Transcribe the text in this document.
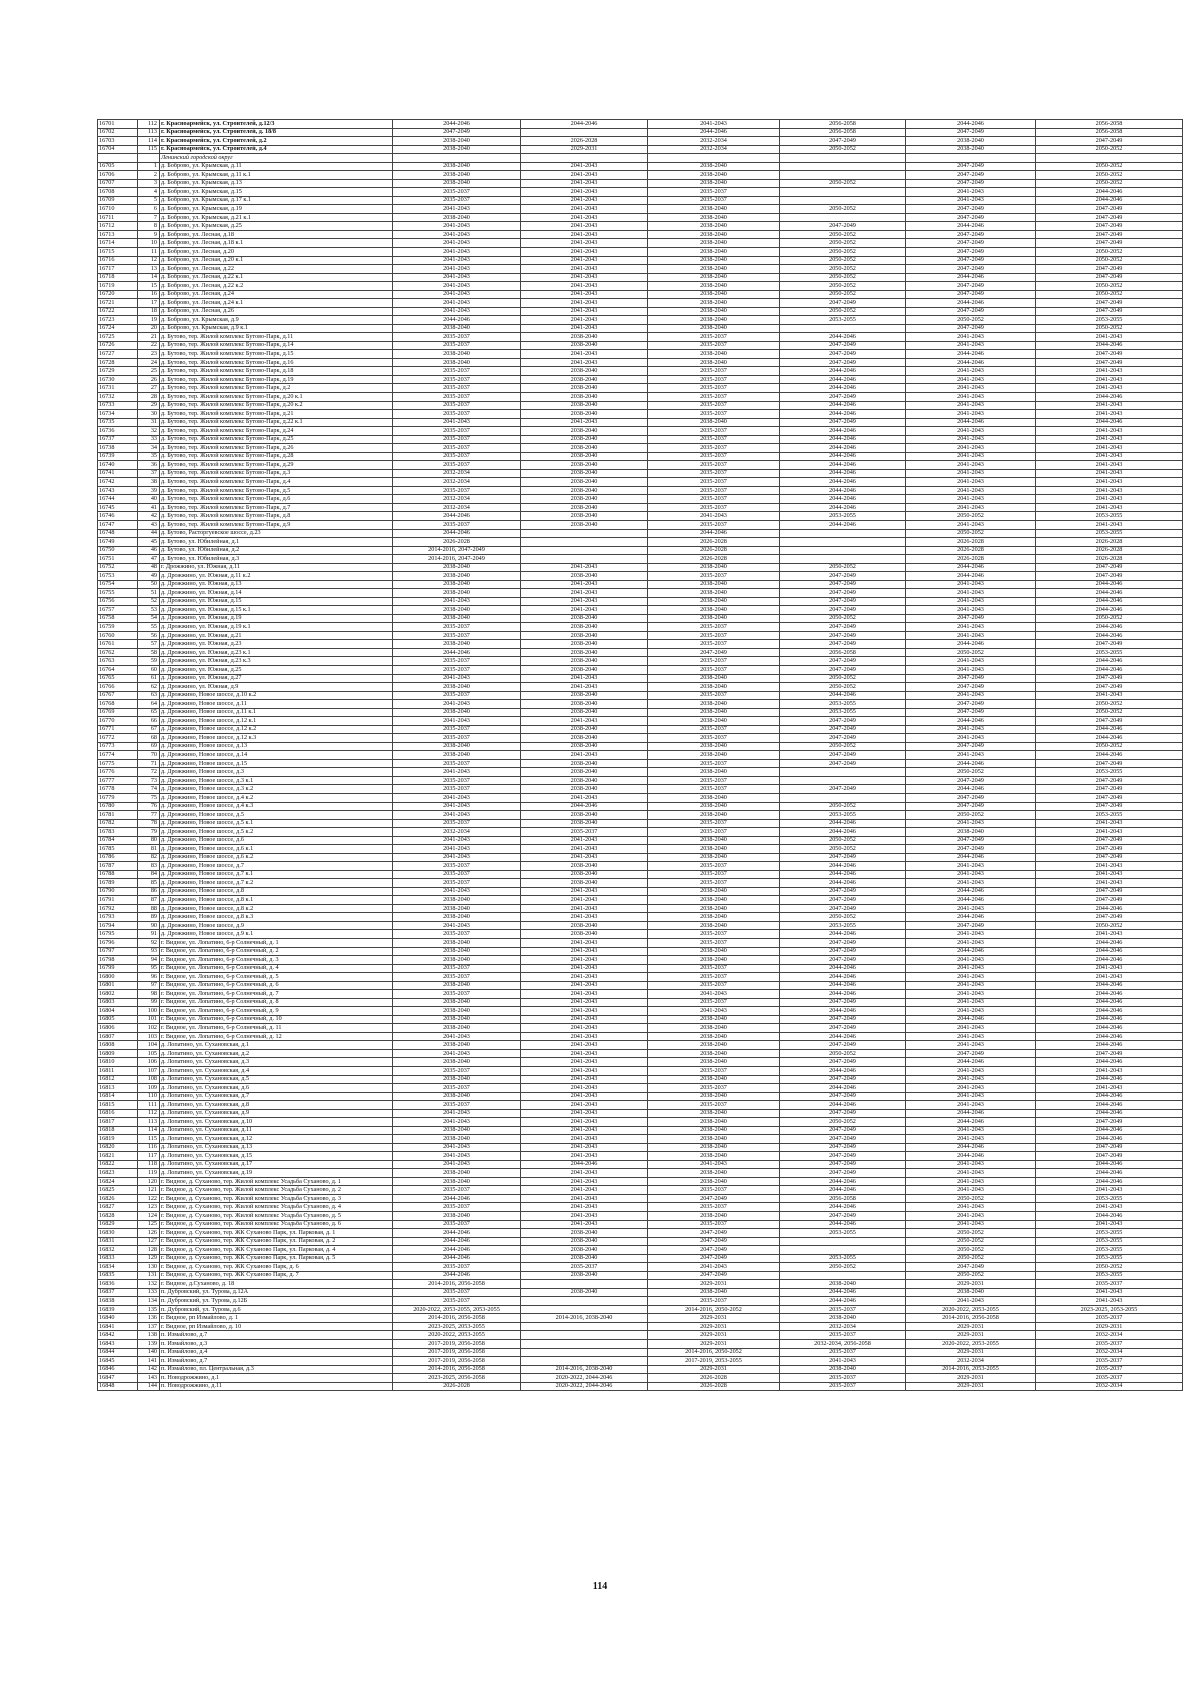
16701	112	г. Красноармейск, ул. Строителей, д.12/3	2044-2046	2044-2046	2041-2043	2056-2058	2044-2046	2056-2058
16702	113	г. Красноармейск, ул. Строителей, д. 18/8	2047-2049		2044-2046	2056-2058	2047-2049	2056-2058
16703	114	г. Красноармейск, ул. Строителей, д.2	2038-2040	2026-2028	2032-2034	2047-2049	2038-2040	2047-2049
16704	115	г. Красноармейск, ул. Строителей, д.4	2038-2040	2029-2031	2032-2034	2050-2052	2038-2040	2050-2052
		Ленинский городской округ						
16705	1	д. Боброво, ул. Крымская, д.11	2038-2040	2041-2043	2038-2040		2047-2049	2050-2052
16706	2	д. Боброво, ул. Крымская, д.11 к.1	2038-2040	2041-2043	2038-2040		2047-2049	2050-2052
16707	3	д. Боброво, ул. Крымская, д.13	2038-2040	2041-2043	2038-2040	2050-2052	2047-2049	2050-2052
16708	4	д. Боброво, ул. Крымская, д.15	2035-2037	2041-2043	2035-2037		2041-2043	2044-2046
16709	5	д. Боброво, ул. Крымская, д.17 к.1	2035-2037	2041-2043	2035-2037		2041-2043	2044-2046
16710	6	д. Боброво, ул. Крымская, д.19	2041-2043	2041-2043	2038-2040	2050-2052	2047-2049	2047-2049
16711	7	д. Боброво, ул. Крымская, д.21 к.1	2038-2040	2041-2043	2038-2040		2047-2049	2047-2049
16712	8	д. Боброво, ул. Крымская, д.25	2041-2043	2041-2043	2038-2040	2047-2049	2044-2046	2047-2049
16713	9	д. Боброво, ул. Лесная, д.18	2041-2043	2041-2043	2038-2040	2050-2052	2047-2049	2047-2049
16714	10	д. Боброво, ул. Лесная, д.18 к.1	2041-2043	2041-2043	2038-2040	2050-2052	2047-2049	2047-2049
16715	11	д. Боброво, ул. Лесная, д.20	2041-2043	2041-2043	2038-2040	2050-2052	2047-2049	2050-2052
16716	12	д. Боброво, ул. Лесная, д.20 к.1	2041-2043	2041-2043	2038-2040	2050-2052	2047-2049	2050-2052
16717	13	д. Боброво, ул. Лесная, д.22	2041-2043	2041-2043	2038-2040	2050-2052	2047-2049	2047-2049
16718	14	д. Боброво, ул. Лесная, д.22 к.1	2041-2043	2041-2043	2038-2040	2050-2052	2044-2046	2047-2049
16719	15	д. Боброво, ул. Лесная, д.22 к.2	2041-2043	2041-2043	2038-2040	2050-2052	2047-2049	2050-2052
16720	16	д. Боброво, ул. Лесная, д.24	2041-2043	2041-2043	2038-2040	2050-2052	2047-2049	2050-2052
16721	17	д. Боброво, ул. Лесная, д.24 к.1	2041-2043	2041-2043	2038-2040	2047-2049	2044-2046	2047-2049
16722	18	д. Боброво, ул. Лесная, д.26	2041-2043	2041-2043	2038-2040	2050-2052	2047-2049	2047-2049
16723	19	д. Боброво, ул. Крымская, д.9	2044-2046	2041-2043	2038-2040	2053-2055	2050-2052	2053-2055
16724	20	д. Боброво, ул. Крымская, д.9 к.1	2038-2040	2041-2043	2038-2040		2047-2049	2050-2052
16725	21	д. Бутово, тер. Жилой комплекс Бутово-Парк, д.11	2035-2037	2038-2040	2035-2037	2044-2046	2041-2043	2041-2043
16726	22	д. Бутово, тер. Жилой комплекс Бутово-Парк, д.14	2035-2037	2038-2040	2035-2037	2047-2049	2041-2043	2044-2046
16727	23	д. Бутово, тер. Жилой комплекс Бутово-Парк, д.15	2038-2040	2041-2043	2038-2040	2047-2049	2044-2046	2047-2049
16728	24	д. Бутово, тер. Жилой комплекс Бутово-Парк, д.16	2038-2040	2041-2043	2038-2040	2047-2049	2044-2046	2047-2049
16729	25	д. Бутово, тер. Жилой комплекс Бутово-Парк, д.18	2035-2037	2038-2040	2035-2037	2044-2046	2041-2043	2041-2043
16730	26	д. Бутово, тер. Жилой комплекс Бутово-Парк, д.19	2035-2037	2038-2040	2035-2037	2044-2046	2041-2043	2041-2043
16731	27	д. Бутово, тер. Жилой комплекс Бутово-Парк, д.2	2035-2037	2038-2040	2035-2037	2044-2046	2041-2043	2041-2043
16732	28	д. Бутово, тер. Жилой комплекс Бутово-Парк, д.20 к.1	2035-2037	2038-2040	2035-2037	2047-2049	2041-2043	2044-2046
16733	29	д. Бутово, тер. Жилой комплекс Бутово-Парк, д.20 к.2	2035-2037	2038-2040	2035-2037	2044-2046	2041-2043	2041-2043
16734	30	д. Бутово, тер. Жилой комплекс Бутово-Парк, д.21	2035-2037	2038-2040	2035-2037	2044-2046	2041-2043	2041-2043
16735	31	д. Бутово, тер. Жилой комплекс Бутово-Парк, д.22 к.1	2041-2043	2041-2043	2038-2040	2047-2049	2044-2046	2044-2046
16736	32	д. Бутово, тер. Жилой комплекс Бутово-Парк, д.24	2035-2037	2038-2040	2035-2037	2044-2046	2041-2043	2041-2043
16737	33	д. Бутово, тер. Жилой комплекс Бутово-Парк, д.25	2035-2037	2038-2040	2035-2037	2044-2046	2041-2043	2041-2043
16738	34	д. Бутово, тер. Жилой комплекс Бутово-Парк, д.26	2035-2037	2038-2040	2035-2037	2044-2046	2041-2043	2041-2043
16739	35	д. Бутово, тер. Жилой комплекс Бутово-Парк, д.28	2035-2037	2038-2040	2035-2037	2044-2046	2041-2043	2041-2043
16740	36	д. Бутово, тер. Жилой комплекс Бутово-Парк, д.29	2035-2037	2038-2040	2035-2037	2044-2046	2041-2043	2041-2043
16741	37	д. Бутово, тер. Жилой комплекс Бутово-Парк, д.3	2032-2034	2038-2040	2035-2037	2044-2046	2041-2043	2041-2043
16742	38	д. Бутово, тер. Жилой комплекс Бутово-Парк, д.4	2032-2034	2038-2040	2035-2037	2044-2046	2041-2043	2041-2043
16743	39	д. Бутово, тер. Жилой комплекс Бутово-Парк, д.5	2035-2037	2038-2040	2035-2037	2044-2046	2041-2043	2041-2043
16744	40	д. Бутово, тер. Жилой комплекс Бутово-Парк, д.6	2032-2034	2038-2040	2035-2037	2044-2046	2041-2043	2041-2043
16745	41	д. Бутово, тер. Жилой комплекс Бутово-Парк, д.7	2032-2034	2038-2040	2035-2037	2044-2046	2041-2043	2041-2043
16746	42	д. Бутово, тер. Жилой комплекс Бутово-Парк, д.8	2044-2046	2038-2040	2041-2043	2053-2055	2050-2052	2053-2055
16747	43	д. Бутово, тер. Жилой комплекс Бутово-Парк, д.9	2035-2037	2038-2040	2035-2037	2044-2046	2041-2043	2041-2043
16748	44	д. Бутово, Расторгуевское шоссе, д.23	2044-2046		2044-2046		2050-2052	2053-2055
16749	45	д. Бутово, ул. Юбилейная, д.1	2026-2028		2026-2028		2026-2028	2026-2028
16750	46	д. Бутово, ул. Юбилейная, д.2	2014-2016, 2047-2049		2026-2028		2026-2028	2026-2028
16751	47	д. Бутово, ул. Юбилейная, д.3	2014-2016, 2047-2049		2026-2028		2026-2028	2026-2028
16752	48	г. Дрожжино, ул. Южная, д.11	2038-2040	2041-2043	2038-2040	2050-2052	2044-2046	2047-2049
16753	49	д. Дрожжино, ул. Южная, д.11 к.2	2038-2040	2038-2040	2035-2037	2047-2049	2044-2046	2047-2049
16754	50	д. Дрожжино, ул. Южная, д.13	2038-2040	2041-2043	2038-2040	2047-2049	2041-2043	2044-2046
16755	51	д. Дрожжино, ул. Южная, д.14	2038-2040	2041-2043	2038-2040	2047-2049	2041-2043	2044-2046
16756	52	д. Дрожжино, ул. Южная, д.15	2041-2043	2041-2043	2038-2040	2047-2049	2041-2043	2044-2046
16757	53	д. Дрожжино, ул. Южная, д.15 к.1	2038-2040	2041-2043	2038-2040	2047-2049	2041-2043	2044-2046
16758	54	д. Дрожжино, ул. Южная, д.19	2038-2040	2038-2040	2038-2040	2050-2052	2047-2049	2050-2052
16759	55	д. Дрожжино, ул. Южная, д.19 к.1	2035-2037	2038-2040	2035-2037	2047-2049	2041-2043	2044-2046
16760	56	д. Дрожжино, ул. Южная, д.21	2035-2037	2038-2040	2035-2037	2047-2049	2041-2043	2044-2046
16761	57	д. Дрожжино, ул. Южная, д.23	2038-2040	2038-2040	2035-2037	2047-2049	2044-2046	2047-2049
16762	58	д. Дрожжино, ул. Южная, д.23 к.1	2044-2046	2038-2040	2047-2049	2056-2058	2050-2052	2053-2055
16763	59	д. Дрожжино, ул. Южная, д.23 к.3	2035-2037	2038-2040	2035-2037	2047-2049	2041-2043	2044-2046
16764	60	д. Дрожжино, ул. Южная, д.25	2035-2037	2038-2040	2035-2037	2047-2049	2041-2043	2044-2046
16765	61	д. Дрожжино, ул. Южная, д.27	2041-2043	2041-2043	2038-2040	2050-2052	2047-2049	2047-2049
16766	62	д. Дрожжино, ул. Южная, д.9	2038-2040	2041-2043	2038-2040	2050-2052	2047-2049	2047-2049
16767	63	д. Дрожжино, Новое шоссе, д.10 к.2	2035-2037	2038-2040	2035-2037	2044-2046	2041-2043	2041-2043
16768	64	д. Дрожжино, Новое шоссе, д.11	2041-2043	2038-2040	2038-2040	2053-2055	2047-2049	2050-2052
16769	65	д. Дрожжино, Новое шоссе, д.11 к.1	2038-2040	2038-2040	2038-2040	2053-2055	2047-2049	2050-2052
16770	66	д. Дрожжино, Новое шоссе, д.12 к.1	2041-2043	2041-2043	2038-2040	2047-2049	2044-2046	2047-2049
16771	67	д. Дрожжино, Новое шоссе, д.12 к.2	2035-2037	2038-2040	2035-2037	2047-2049	2041-2043	2044-2046
16772	68	д. Дрожжино, Новое шоссе, д.12 к.3	2035-2037	2038-2040	2035-2037	2047-2049	2041-2043	2044-2046
16773	69	д. Дрожжино, Новое шоссе, д.13	2038-2040	2038-2040	2038-2040	2050-2052	2047-2049	2050-2052
16774	70	д. Дрожжино, Новое шоссе, д.14	2038-2040	2041-2043	2038-2040	2047-2049	2041-2043	2044-2046
16775	71	д. Дрожжино, Новое шоссе, д.15	2035-2037	2038-2040	2035-2037	2047-2049	2044-2046	2047-2049
16776	72	д. Дрожжино, Новое шоссе, д.3	2041-2043	2038-2040	2038-2040		2050-2052	2053-2055
16777	73	д. Дрожжино, Новое шоссе, д.3 к.1	2035-2037	2038-2040	2035-2037		2047-2049	2047-2049
16778	74	д. Дрожжино, Новое шоссе, д.3 к.2	2035-2037	2038-2040	2035-2037	2047-2049	2044-2046	2047-2049
16779	75	д. Дрожжино, Новое шоссе, д.4 к.2	2041-2043	2041-2043	2038-2040		2047-2049	2047-2049
16780	76	д. Дрожжино, Новое шоссе, д.4 к.3	2041-2043	2044-2046	2038-2040	2050-2052	2047-2049	2047-2049
16781	77	д. Дрожжино, Новое шоссе, д.5	2041-2043	2038-2040	2038-2040	2053-2055	2050-2052	2053-2055
16782	78	д. Дрожжино, Новое шоссе, д.5 к.1	2035-2037	2038-2040	2035-2037	2044-2046	2041-2043	2041-2043
16783	79	д. Дрожжино, Новое шоссе, д.5 к.2	2032-2034	2035-2037	2035-2037	2044-2046	2038-2040	2041-2043
16784	80	д. Дрожжино, Новое шоссе, д.6	2041-2043	2041-2043	2038-2040	2050-2052	2047-2049	2047-2049
16785	81	д. Дрожжино, Новое шоссе, д.6 к.1	2041-2043	2041-2043	2038-2040	2050-2052	2047-2049	2047-2049
16786	82	д. Дрожжино, Новое шоссе, д.6 к.2	2041-2043	2041-2043	2038-2040	2047-2049	2044-2046	2047-2049
16787	83	д. Дрожжино, Новое шоссе, д.7	2035-2037	2038-2040	2035-2037	2044-2046	2041-2043	2041-2043
16788	84	д. Дрожжино, Новое шоссе, д.7 к.1	2035-2037	2038-2040	2035-2037	2044-2046	2041-2043	2041-2043
16789	85	д. Дрожжино, Новое шоссе, д.7 к.2	2035-2037	2038-2040	2035-2037	2044-2046	2041-2043	2041-2043
16790	86	д. Дрожжино, Новое шоссе, д.8	2041-2043	2041-2043	2038-2040	2047-2049	2044-2046	2047-2049
16791	87	д. Дрожжино, Новое шоссе, д.8 к.1	2038-2040	2041-2043	2038-2040	2047-2049	2044-2046	2047-2049
16792	88	д. Дрожжино, Новое шоссе, д.8 к.2	2038-2040	2041-2043	2038-2040	2047-2049	2041-2043	2044-2046
16793	89	д. Дрожжино, Новое шоссе, д.8 к.3	2038-2040	2041-2043	2038-2040	2050-2052	2044-2046	2047-2049
16794	90	д. Дрожжино, Новое шоссе, д.9	2041-2043	2038-2040	2038-2040	2053-2055	2047-2049	2050-2052
16795	91	д. Дрожжино, Новое шоссе, д.9 к.1	2035-2037	2038-2040	2035-2037	2044-2046	2041-2043	2041-2043
16796	92	г. Видное, ул. Лопатино, 6-р Солнечный, д. 1	2038-2040	2041-2043	2035-2037	2047-2049	2041-2043	2044-2046
16797	93	г. Видное, ул. Лопатино, 6-р Солнечный, д. 2	2038-2040	2041-2043	2038-2040	2047-2049	2044-2046	2044-2046
16798	94	г. Видное, ул. Лопатино, 6-р Солнечный, д. 3	2038-2040	2041-2043	2038-2040	2047-2049	2041-2043	2044-2046
16799	95	г. Видное, ул. Лопатино, 6-р Солнечный, д. 4	2035-2037	2041-2043	2035-2037	2044-2046	2041-2043	2041-2043
16800	96	г. Видное, ул. Лопатино, 6-р Солнечный, д. 5	2035-2037	2041-2043	2035-2037	2044-2046	2041-2043	2041-2043
16801	97	г. Видное, ул. Лопатино, 6-р Солнечный, д. 6	2038-2040	2041-2043	2035-2037	2044-2046	2041-2043	2044-2046
16802	98	г. Видное, ул. Лопатино, 6-р Солнечный, д. 7	2035-2037	2041-2043	2041-2043	2044-2046	2041-2043	2044-2046
16803	99	г. Видное, ул. Лопатино, 6-р Солнечный, д. 8	2038-2040	2041-2043	2035-2037	2047-2049	2041-2043	2044-2046
16804	100	г. Видное, ул. Лопатино, 6-р Солнечный, д. 9	2038-2040	2041-2043	2041-2043	2044-2046	2041-2043	2044-2046
16805	101	г. Видное, ул. Лопатино, 6-р Солнечный, д. 10	2038-2040	2041-2043	2038-2040	2047-2049	2044-2046	2044-2046
16806	102	г. Видное, ул. Лопатино, 6-р Солнечный, д. 11	2038-2040	2041-2043	2038-2040	2047-2049	2041-2043	2044-2046
16807	103	г. Видное, ул. Лопатино, 6-р Солнечный, д. 12	2041-2043	2041-2043	2038-2040	2044-2046	2041-2043	2044-2046
16808	104	д. Лопатино, ул. Сухановская, д.1	2038-2040	2041-2043	2038-2040	2047-2049	2041-2043	2044-2046
16809	105	д. Лопатино, ул. Сухановская, д.2	2041-2043	2041-2043	2038-2040	2050-2052	2047-2049	2047-2049
16810	106	д. Лопатино, ул. Сухановская, д.3	2038-2040	2041-2043	2038-2040	2047-2049	2044-2046	2044-2046
16811	107	д. Лопатино, ул. Сухановская, д.4	2035-2037	2041-2043	2035-2037	2044-2046	2041-2043	2041-2043
16812	108	д. Лопатино, ул. Сухановская, д.5	2038-2040	2041-2043	2038-2040	2047-2049	2041-2043	2044-2046
16813	109	д. Лопатино, ул. Сухановская, д.6	2035-2037	2041-2043	2035-2037	2044-2046	2041-2043	2041-2043
16814	110	д. Лопатино, ул. Сухановская, д.7	2038-2040	2041-2043	2038-2040	2047-2049	2041-2043	2044-2046
16815	111	д. Лопатино, ул. Сухановская, д.8	2035-2037	2041-2043	2035-2037	2044-2046	2041-2043	2044-2046
16816	112	д. Лопатино, ул. Сухановская, д.9	2041-2043	2041-2043	2038-2040	2047-2049	2044-2046	2044-2046
16817	113	д. Лопатино, ул. Сухановская, д.10	2041-2043	2041-2043	2038-2040	2050-2052	2044-2046	2047-2049
16818	114	д. Лопатино, ул. Сухановская, д.11	2038-2040	2041-2043	2038-2040	2047-2049	2041-2043	2044-2046
16819	115	д. Лопатино, ул. Сухановская, д.12	2038-2040	2041-2043	2038-2040	2047-2049	2041-2043	2044-2046
16820	116	д. Лопатино, ул. Сухановская, д.13	2041-2043	2041-2043	2038-2040	2047-2049	2044-2046	2047-2049
16821	117	д. Лопатино, ул. Сухановская, д.15	2041-2043	2041-2043	2038-2040	2047-2049	2044-2046	2047-2049
16822	118	д. Лопатино, ул. Сухановская, д.17	2041-2043	2044-2046	2041-2043	2047-2049	2041-2043	2044-2046
16823	119	д. Лопатино, ул. Сухановская, д.19	2038-2040	2041-2043	2038-2040	2047-2049	2041-2043	2044-2046
16824	120	г. Видное, д. Суханово, тер. Жилой комплекс Усадьба Суханово, д. 1	2038-2040	2041-2043	2038-2040	2044-2046	2041-2043	2044-2046
16825	121	г. Видное, д. Суханово, тер. Жилой комплекс Усадьба Суханово, д. 2	2035-2037	2041-2043	2035-2037	2044-2046	2041-2043	2041-2043
16826	122	г. Видное, д. Суханово, тер. Жилой комплекс Усадьба Суханово, д. 3	2044-2046	2041-2043	2047-2049	2056-2058	2050-2052	2053-2055
16827	123	г. Видное, д. Суханово, тер. Жилой комплекс Усадьба Суханово, д. 4	2035-2037	2041-2043	2035-2037	2044-2046	2041-2043	2041-2043
16828	124	г. Видное, д. Суханово, тер. Жилой комплекс Усадьба Суханово, д. 5	2038-2040	2041-2043	2038-2040	2047-2049	2041-2043	2044-2046
16829	125	г. Видное, д. Суханово, тер. Жилой комплекс Усадьба Суханово, д. 6	2035-2037	2041-2043	2035-2037	2044-2046	2041-2043	2041-2043
16830	126	г. Видное, д. Суханово, тер. ЖК Суханово Парк, ул. Парковая, д. 1	2044-2046	2038-2040	2047-2049	2053-2055	2050-2052	2053-2055
16831	127	г. Видное, д. Суханово, тер. ЖК Суханово Парк, ул. Парковая, д. 2	2044-2046	2038-2040	2047-2049		2050-2052	2053-2055
16832	128	г. Видное, д. Суханово, тер. ЖК Суханово Парк, ул. Парковая, д. 4	2044-2046	2038-2040	2047-2049		2050-2052	2053-2055
16833	129	г. Видное, д. Суханово, тер. ЖК Суханово Парк, ул. Парковая, д. 5	2044-2046	2038-2040	2047-2049	2053-2055	2050-2052	2053-2055
16834	130	г. Видное, д. Суханово, тер. ЖК Суханово Парк, д. 6	2035-2037	2035-2037	2041-2043	2050-2052	2047-2049	2050-2052
16835	131	г. Видное, д. Суханово, тер. ЖК Суханово Парк, д. 7	2044-2046	2038-2040	2047-2049		2050-2052	2053-2055
16836	132	г. Видное, д.Суханово, д. 18	2014-2016, 2056-2058		2029-2031	2038-2040	2029-2031	2035-2037
16837	133	п. Дубровский, ул. Турова, д.12А	2035-2037	2038-2040	2038-2040	2044-2046	2038-2040	2041-2043
16838	134	п. Дубровский, ул. Турова, д.12Б	2035-2037		2035-2037	2044-2046	2041-2043	2041-2043
16839	135	п. Дубровский, ул. Турова, д.6	2020-2022, 2053-2055, 2053-2055		2014-2016, 2050-2052	2035-2037	2020-2022, 2053-2055	2023-2025, 2053-2055
16840	136	г. Видное, рп Измайлово, д. 1	2014-2016, 2056-2058	2014-2016, 2038-2040	2029-2031	2038-2040	2014-2016, 2056-2058	2035-2037
16841	137	г. Видное, рп Измайлово, д. 10	2023-2025, 2053-2055		2029-2031	2032-2034	2029-2031	2029-2031
16842	138	п. Измайлово, д.7	2020-2022, 2053-2055		2029-2031	2035-2037	2029-2031	2032-2034
16843	139	п. Измайлово, д.3	2017-2019, 2056-2058		2029-2031	2032-2034, 2056-2058	2020-2022, 2053-2055	2035-2037
16844	140	п. Измайлово, д.4	2017-2019, 2056-2058		2014-2016, 2050-2052	2035-2037	2029-2031	2032-2034
16845	141	п. Измайлово, д.7	2017-2019, 2056-2058		2017-2019, 2053-2055	2041-2043	2032-2034	2035-2037
16846	142	п. Измайлово, пл. Центральная, д.3	2014-2016, 2056-2058	2014-2016, 2038-2040	2029-2031	2038-2040	2014-2016, 2053-2055	2035-2037
16847	143	п. Новодрожжино, д.1	2023-2025, 2056-2058	2020-2022, 2044-2046	2026-2028	2035-2037	2029-2031	2035-2037
16848	144	п. Новодрожжино, д.11	2026-2028	2020-2022, 2044-2046	2026-2028	2035-2037	2029-2031	2032-2034
114
